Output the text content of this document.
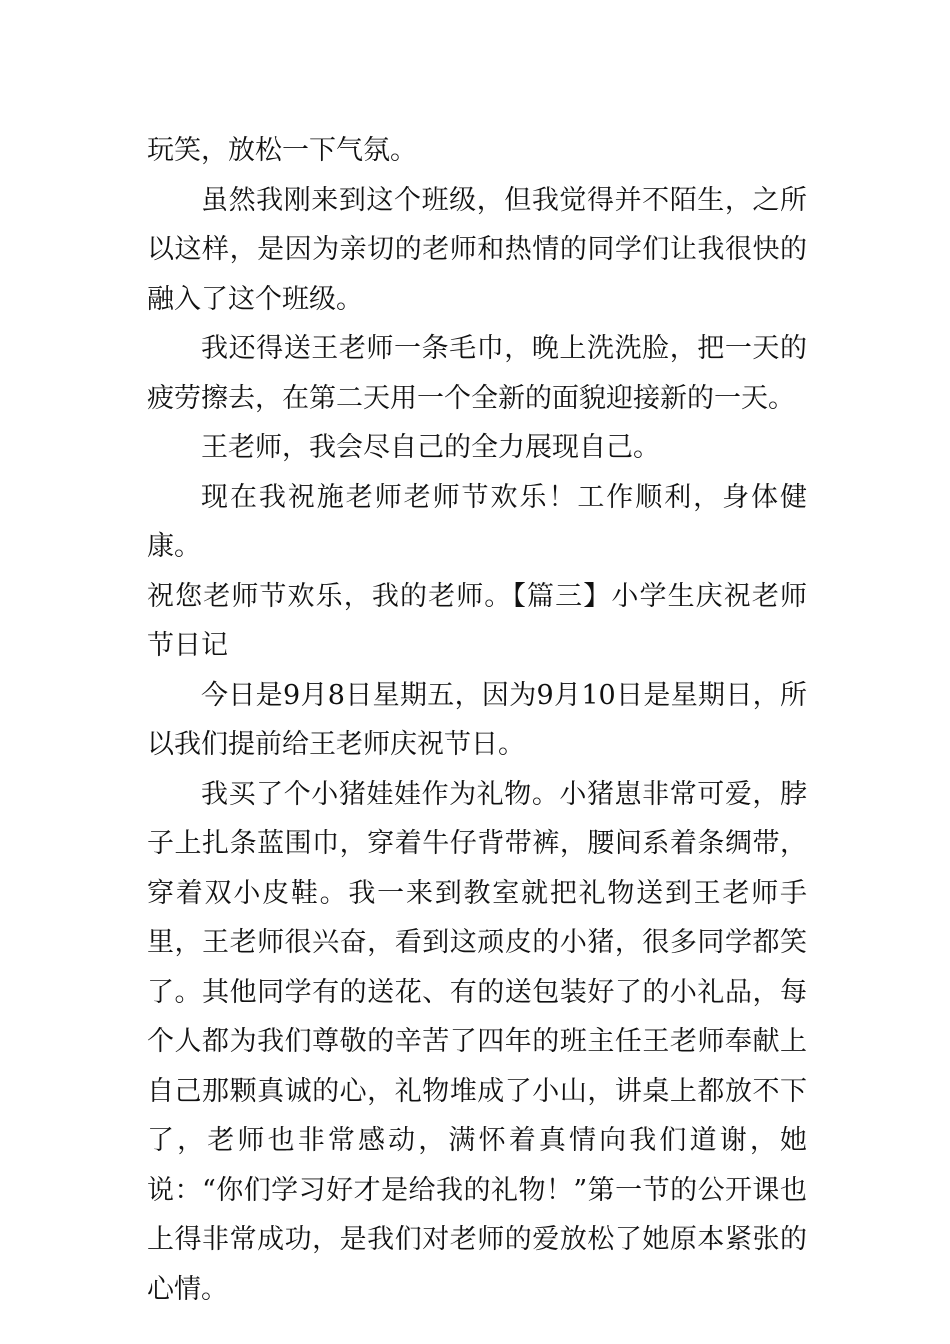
玩笑，放松一下气氛。

虽然我刚来到这个班级，但我觉得并不陌生，之所以这样，是因为亲切的老师和热情的同学们让我很快的融入了这个班级。

我还得送王老师一条毛巾，晚上洗洗脸，把一天的疲劳擦去，在第二天用一个全新的面貌迎接新的一天。

王老师，我会尽自己的全力展现自己。

现在我祝施老师老师节欢乐！工作顺利，身体健康。

祝您老师节欢乐，我的老师。【篇三】小学生庆祝老师节日记

今日是9月8日星期五，因为9月10日是星期日，所以我们提前给王老师庆祝节日。

我买了个小猪娃娃作为礼物。小猪崽非常可爱，脖子上扎条蓝围巾，穿着牛仔背带裤，腰间系着条绸带，穿着双小皮鞋。我一来到教室就把礼物送到王老师手里，王老师很兴奋，看到这顽皮的小猪，很多同学都笑了。其他同学有的送花、有的送包装好了的小礼品，每个人都为我们尊敬的辛苦了四年的班主任王老师奉献上自己那颗真诚的心，礼物堆成了小山，讲桌上都放不下了，老师也非常感动，满怀着真情向我们道谢，她说：“你们学习好才是给我的礼物！”第一节的公开课也上得非常成功，是我们对老师的爱放松了她原本紧张的心情。
